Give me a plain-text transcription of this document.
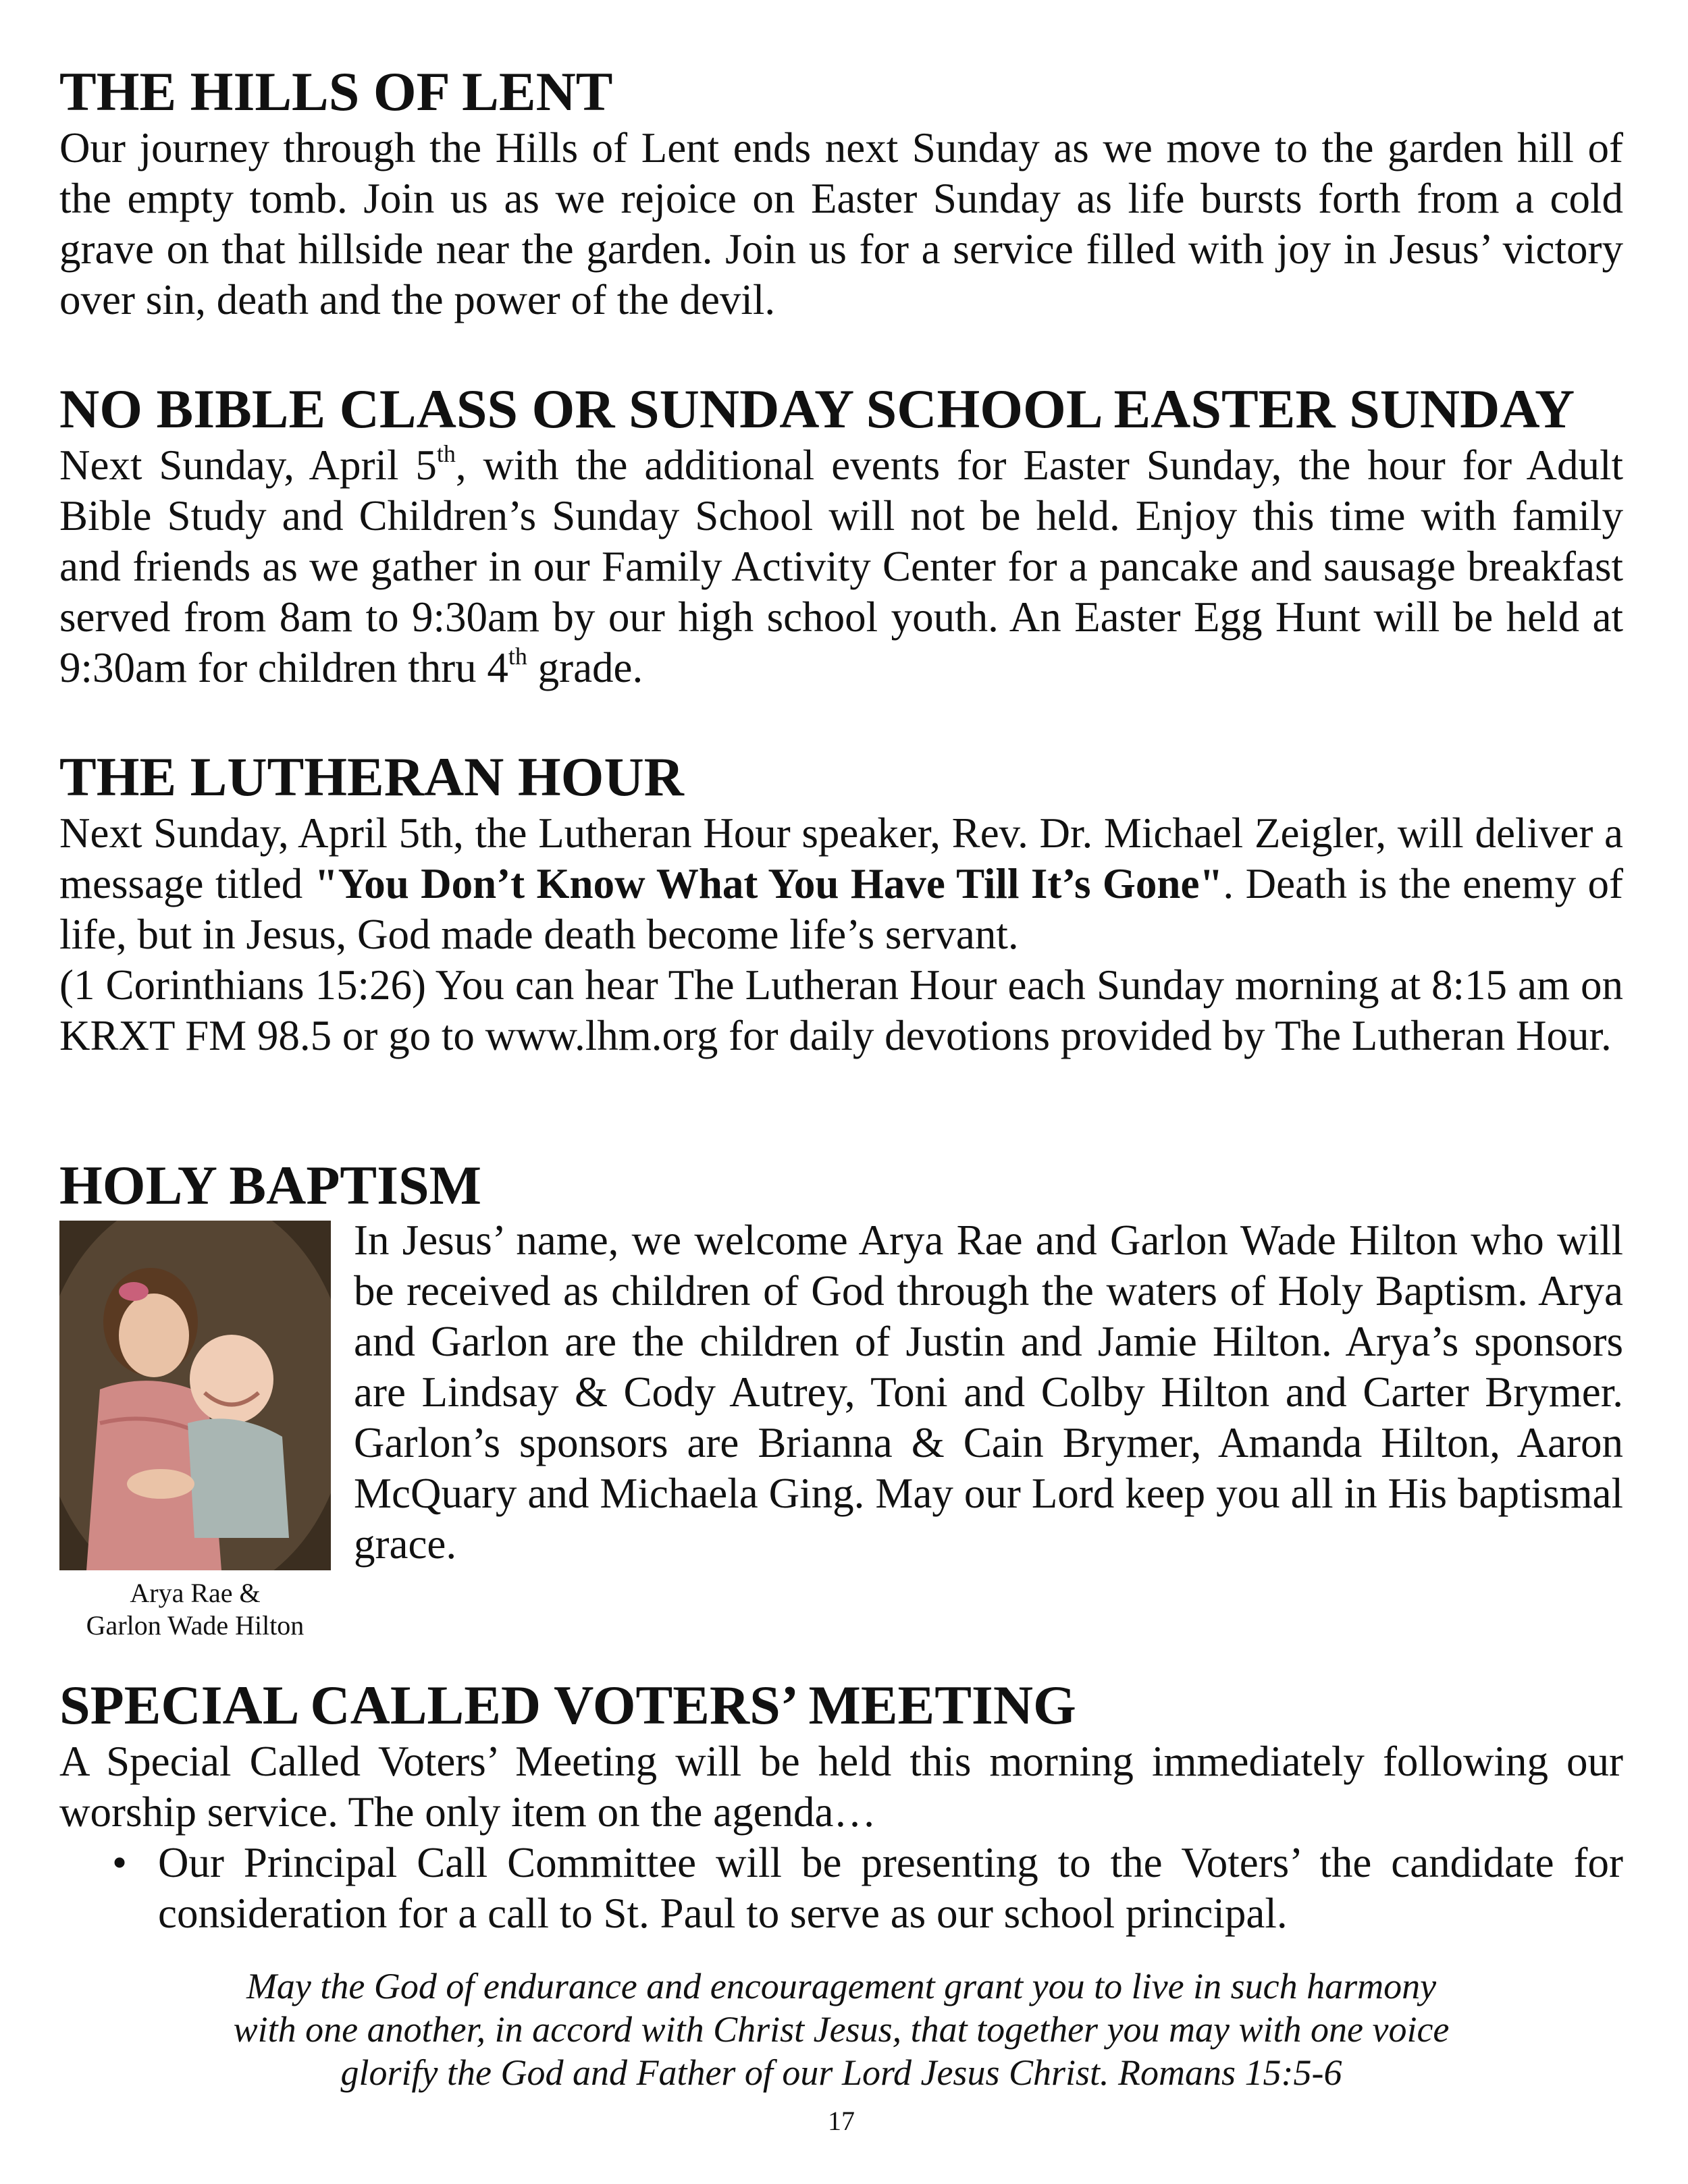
THE HILLS OF LENT

Our journey through the Hills of Lent ends next Sunday as we move to the garden hill of the empty tomb. Join us as we rejoice on Easter Sunday as life bursts forth from a cold grave on that hillside near the garden. Join us for a service filled with joy in Jesus’ victory over sin, death and the power of the devil.

NO BIBLE CLASS OR SUNDAY SCHOOL EASTER SUNDAY

Next Sunday, April 5th, with the additional events for Easter Sunday, the hour for Adult Bible Study and Children’s Sunday School will not be held. Enjoy this time with family and friends as we gather in our Family Activity Center for a pancake and sausage breakfast served from 8am to 9:30am by our high school youth. An Easter Egg Hunt will be held at 9:30am for children thru 4th grade.

THE LUTHERAN HOUR

Next Sunday, April 5th, the Lutheran Hour speaker, Rev. Dr. Michael Zeigler, will deliver a message titled "You Don’t Know What You Have Till It’s Gone". Death is the enemy of life, but in Jesus, God made death become life’s servant.

(1 Corinthians 15:26) You can hear The Lutheran Hour each Sunday morning at 8:15 am on KRXT FM 98.5 or go to www.lhm.org for daily devotions provided by The Lutheran Hour.

HOLY BAPTISM
Arya Rae &
Garlon Wade Hilton

In Jesus’ name, we welcome Arya Rae and Garlon Wade Hilton who will be received as children of God through the waters of Holy Baptism. Arya and Garlon are the children of Justin and Jamie Hilton. Arya’s sponsors are Lindsay & Cody Autrey, Toni and Colby Hilton and Carter Brymer. Garlon’s sponsors are Brianna & Cain Brymer, Amanda Hilton, Aaron McQuary and Michaela Ging. May our Lord keep you all in His baptismal grace.

SPECIAL CALLED VOTERS’ MEETING

A Special Called Voters’ Meeting will be held this morning immediately following our worship service. The only item on the agenda…

• Our Principal Call Committee will be presenting to the Voters’ the candidate for consideration for a call to St. Paul to serve as our school principal.
May the God of endurance and encouragement grant you to live in such harmony
with one another, in accord with Christ Jesus, that together you may with one voice
glorify the God and Father of our Lord Jesus Christ. Romans 15:5-6
17
